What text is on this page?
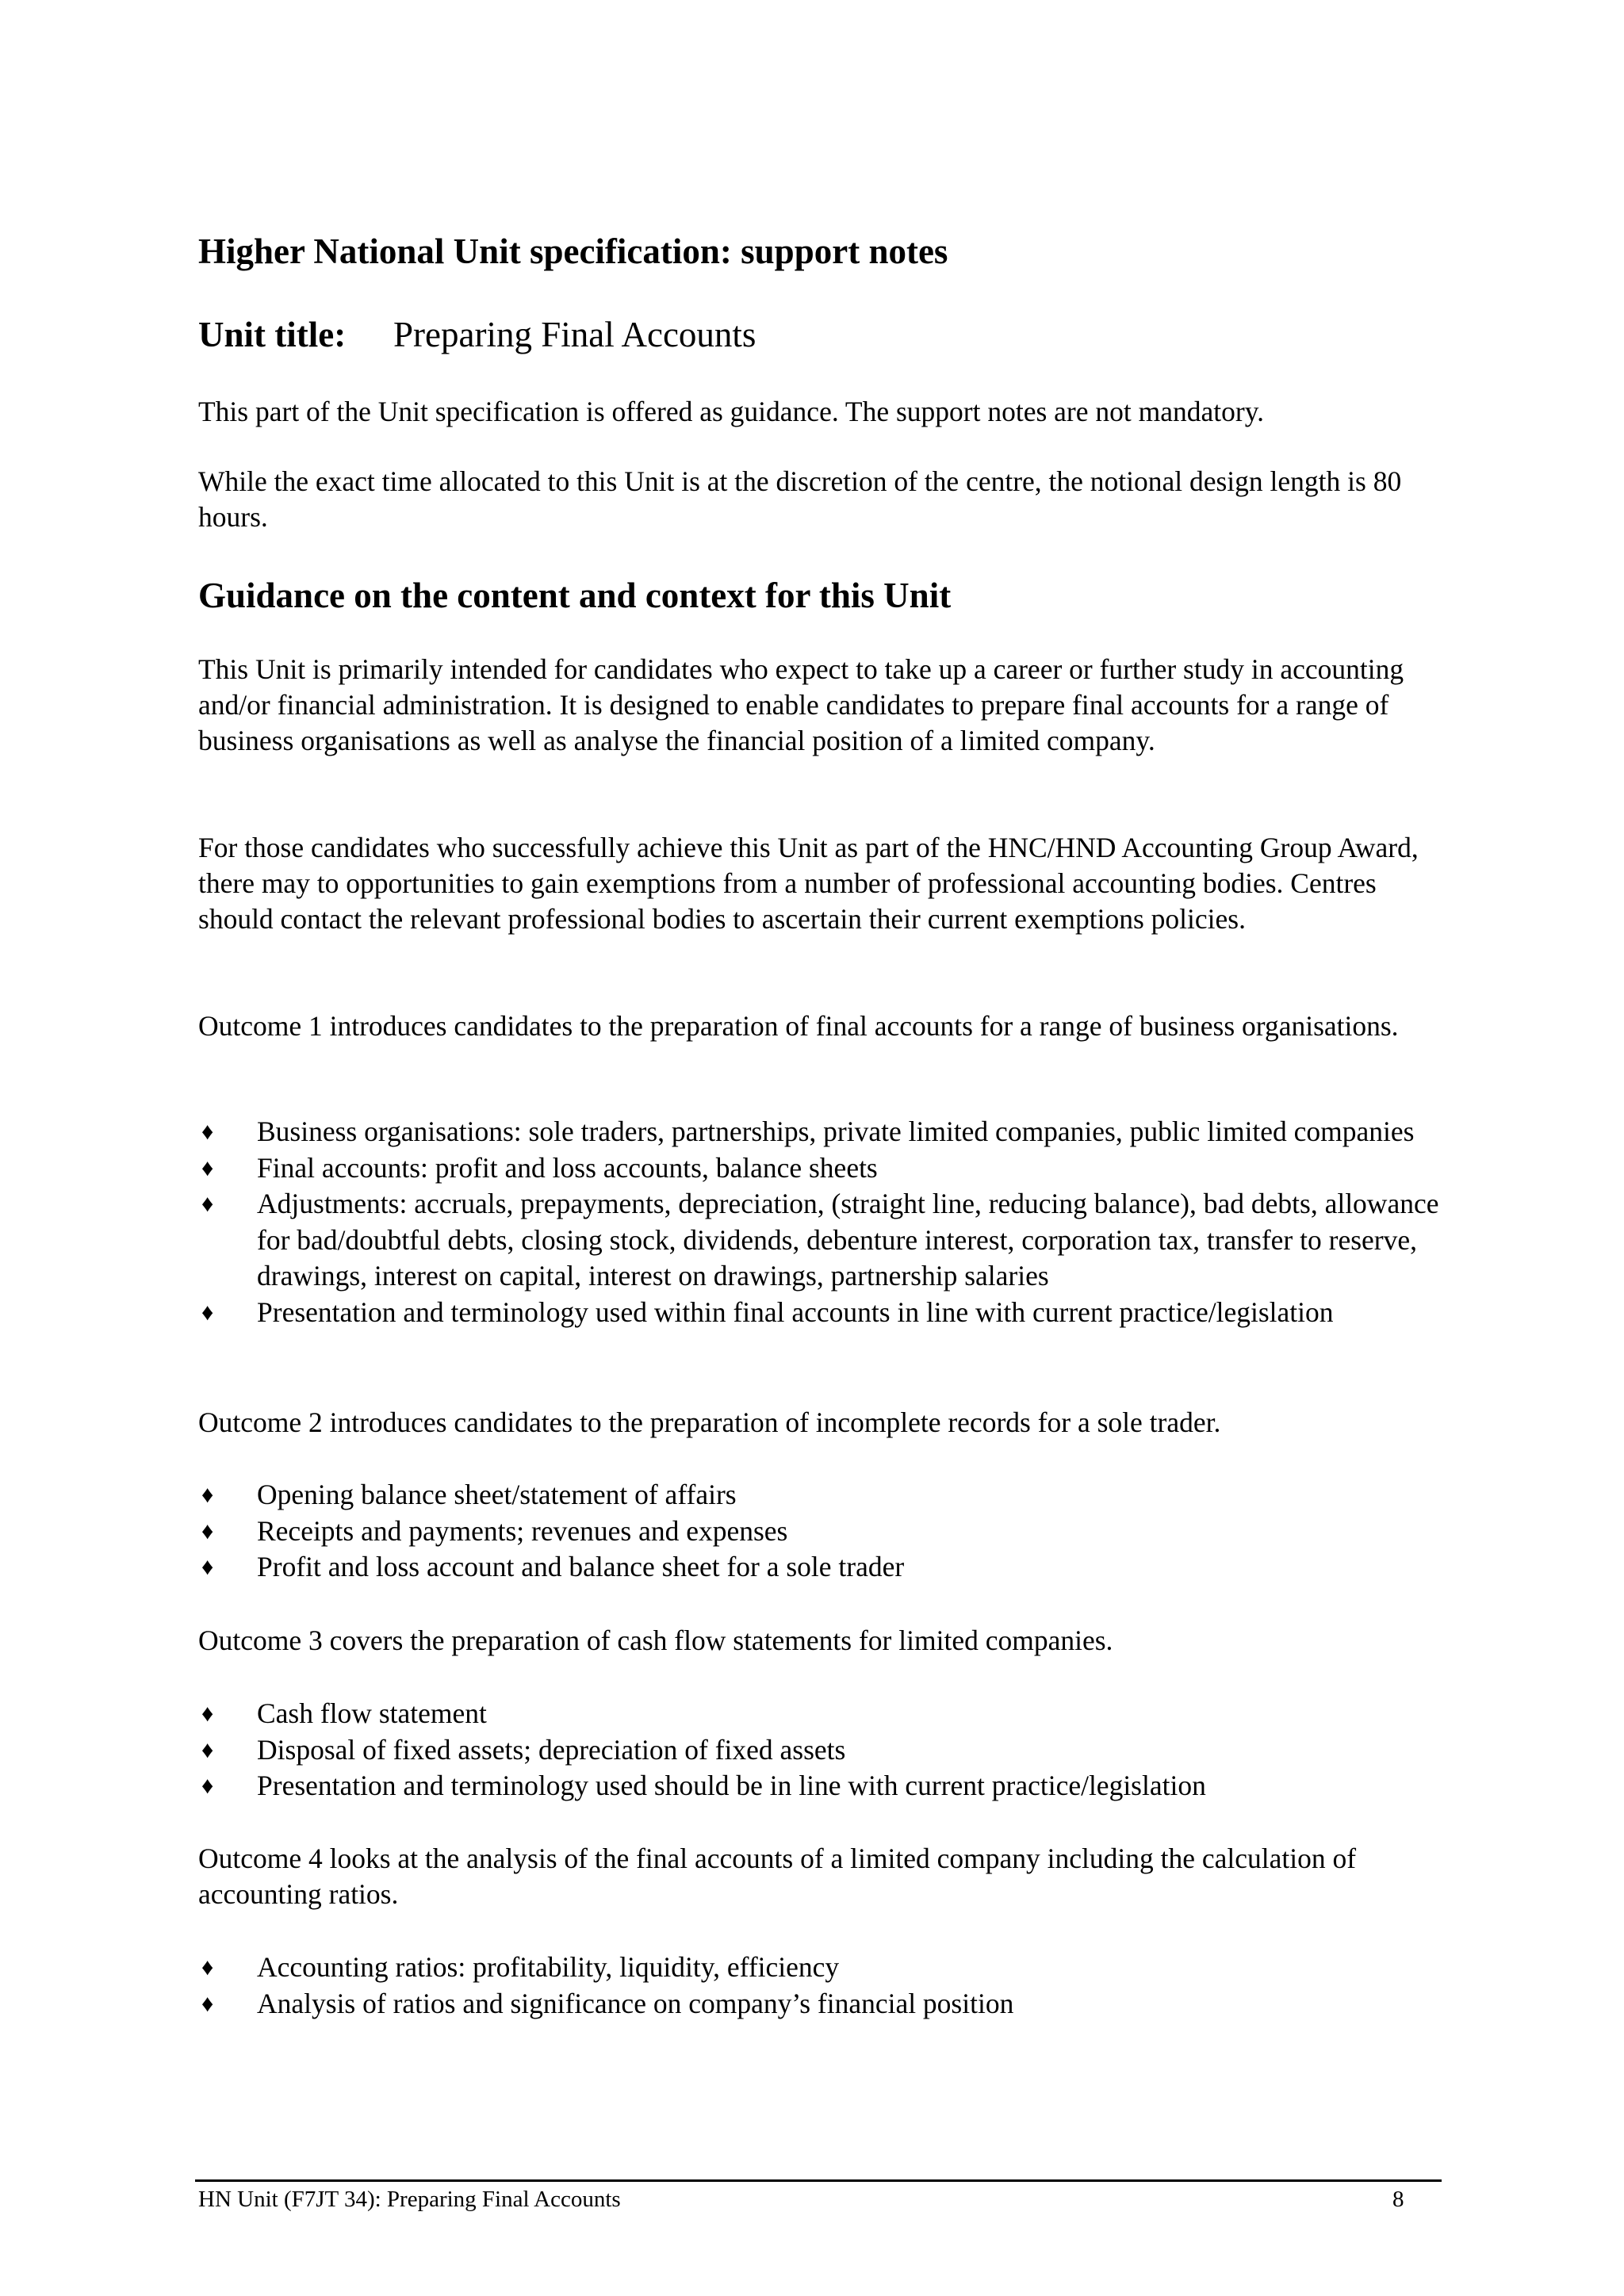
Higher National Unit specification: support notes
Unit title: Preparing Final Accounts

This part of the Unit specification is offered as guidance. The support notes are not mandatory.

While the exact time allocated to this Unit is at the discretion of the centre, the notional design length is 80 hours.

Guidance on the content and context for this Unit

This Unit is primarily intended for candidates who expect to take up a career or further study in accounting and/or financial administration. It is designed to enable candidates to prepare final accounts for a range of business organisations as well as analyse the financial position of a limited company.

For those candidates who successfully achieve this Unit as part of the HNC/HND Accounting Group Award, there may to opportunities to gain exemptions from a number of professional accounting bodies. Centres should contact the relevant professional bodies to ascertain their current exemptions policies.

Outcome 1 introduces candidates to the preparation of final accounts for a range of business organisations.

♦ Business organisations: sole traders, partnerships, private limited companies, public limited companies
♦ Final accounts: profit and loss accounts, balance sheets
♦ Adjustments: accruals, prepayments, depreciation, (straight line, reducing balance), bad debts, allowance for bad/doubtful debts, closing stock, dividends, debenture interest, corporation tax, transfer to reserve, drawings, interest on capital, interest on drawings, partnership salaries
♦ Presentation and terminology used within final accounts in line with current practice/legislation

Outcome 2 introduces candidates to the preparation of incomplete records for a sole trader.

♦ Opening balance sheet/statement of affairs
♦ Receipts and payments; revenues and expenses
♦ Profit and loss account and balance sheet for a sole trader

Outcome 3 covers the preparation of cash flow statements for limited companies.

♦ Cash flow statement
♦ Disposal of fixed assets; depreciation of fixed assets
♦ Presentation and terminology used should be in line with current practice/legislation

Outcome 4 looks at the analysis of the final accounts of a limited company including the calculation of accounting ratios.

♦ Accounting ratios: profitability, liquidity, efficiency
♦ Analysis of ratios and significance on company’s financial position
HN Unit (F7JT 34): Preparing Final Accounts	8
